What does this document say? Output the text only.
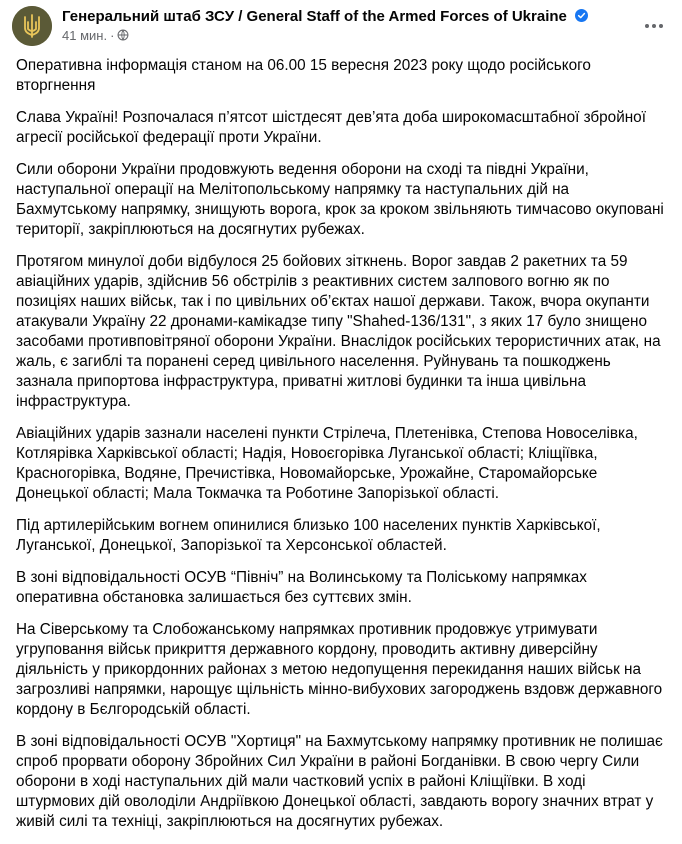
Генеральний штаб ЗСУ / General Staff of the Armed Forces of Ukraine
41 мин. ·

Оперативна інформація станом на 06.00 15 вересня 2023 року щодо російського вторгнення

Слава Україні! Розпочалася п’ятсот шістдесят дев’ята доба широкомасштабної збройної агресії російської федерації проти України.

Сили оборони України продовжують ведення оборони на сході та півдні України, наступальної операції на Мелітопольському напрямку та наступальних дій на Бахмутському напрямку, знищують ворога, крок за кроком звільняють тимчасово окуповані території, закріплюються на досягнутих рубежах.

Протягом минулої доби відбулося 25 бойових зіткнень. Ворог завдав 2 ракетних та 59 авіаційних ударів, здійснив 56 обстрілів з реактивних систем залпового вогню як по позиціях наших військ, так і по цивільних об’єктах нашої держави. Також, вчора окупанти атакували Україну 22 дронами-камікадзе типу "Shahed-136/131", з яких 17 було знищено засобами противповітряної оборони України. Внаслідок російських терористичних атак, на жаль, є загиблі та поранені серед цивільного населення. Руйнувань та пошкоджень зазнала припортова інфраструктура, приватні житлові будинки та інша цивільна інфраструктура.

Авіаційних ударів зазнали населені пункти Стрілеча, Плетенівка, Степова Новоселівка, Котлярівка Харківської області; Надія, Новоєгорівка Луганської області; Кліщіївка, Красногорівка, Водяне, Пречистівка, Новомайорське, Урожайне, Старомайорське Донецької області; Мала Токмачка та Роботине Запорізької області.

Під артилерійським вогнем опинилися близько 100 населених пунктів Харківської, Луганської, Донецької, Запорізької та Херсонської областей.

В зоні відповідальності ОСУВ “Північ” на Волинському та Поліському напрямках оперативна обстановка залишається без суттєвих змін.

На Сіверському та Слобожанському напрямках противник продовжує утримувати угруповання військ прикриття державного кордону, проводить активну диверсійну діяльність у прикордонних районах з метою недопущення перекидання наших військ на загрозливі напрямки, нарощує щільність мінно-вибухових загороджень вздовж державного кордону в Бєлгородській області.

В зоні відповідальності ОСУВ "Хортиця" на Бахмутському напрямку противник не полишає спроб прорвати оборону Збройних Сил України в районі Богданівки. В свою чергу Сили оборони в ході наступальних дій мали частковий успіх в районі Кліщіївки. В ході штурмових дій оволоділи Андріївкою Донецької області, завдають ворогу значних втрат у живій силі та техніці, закріплюються на досягнутих рубежах.
